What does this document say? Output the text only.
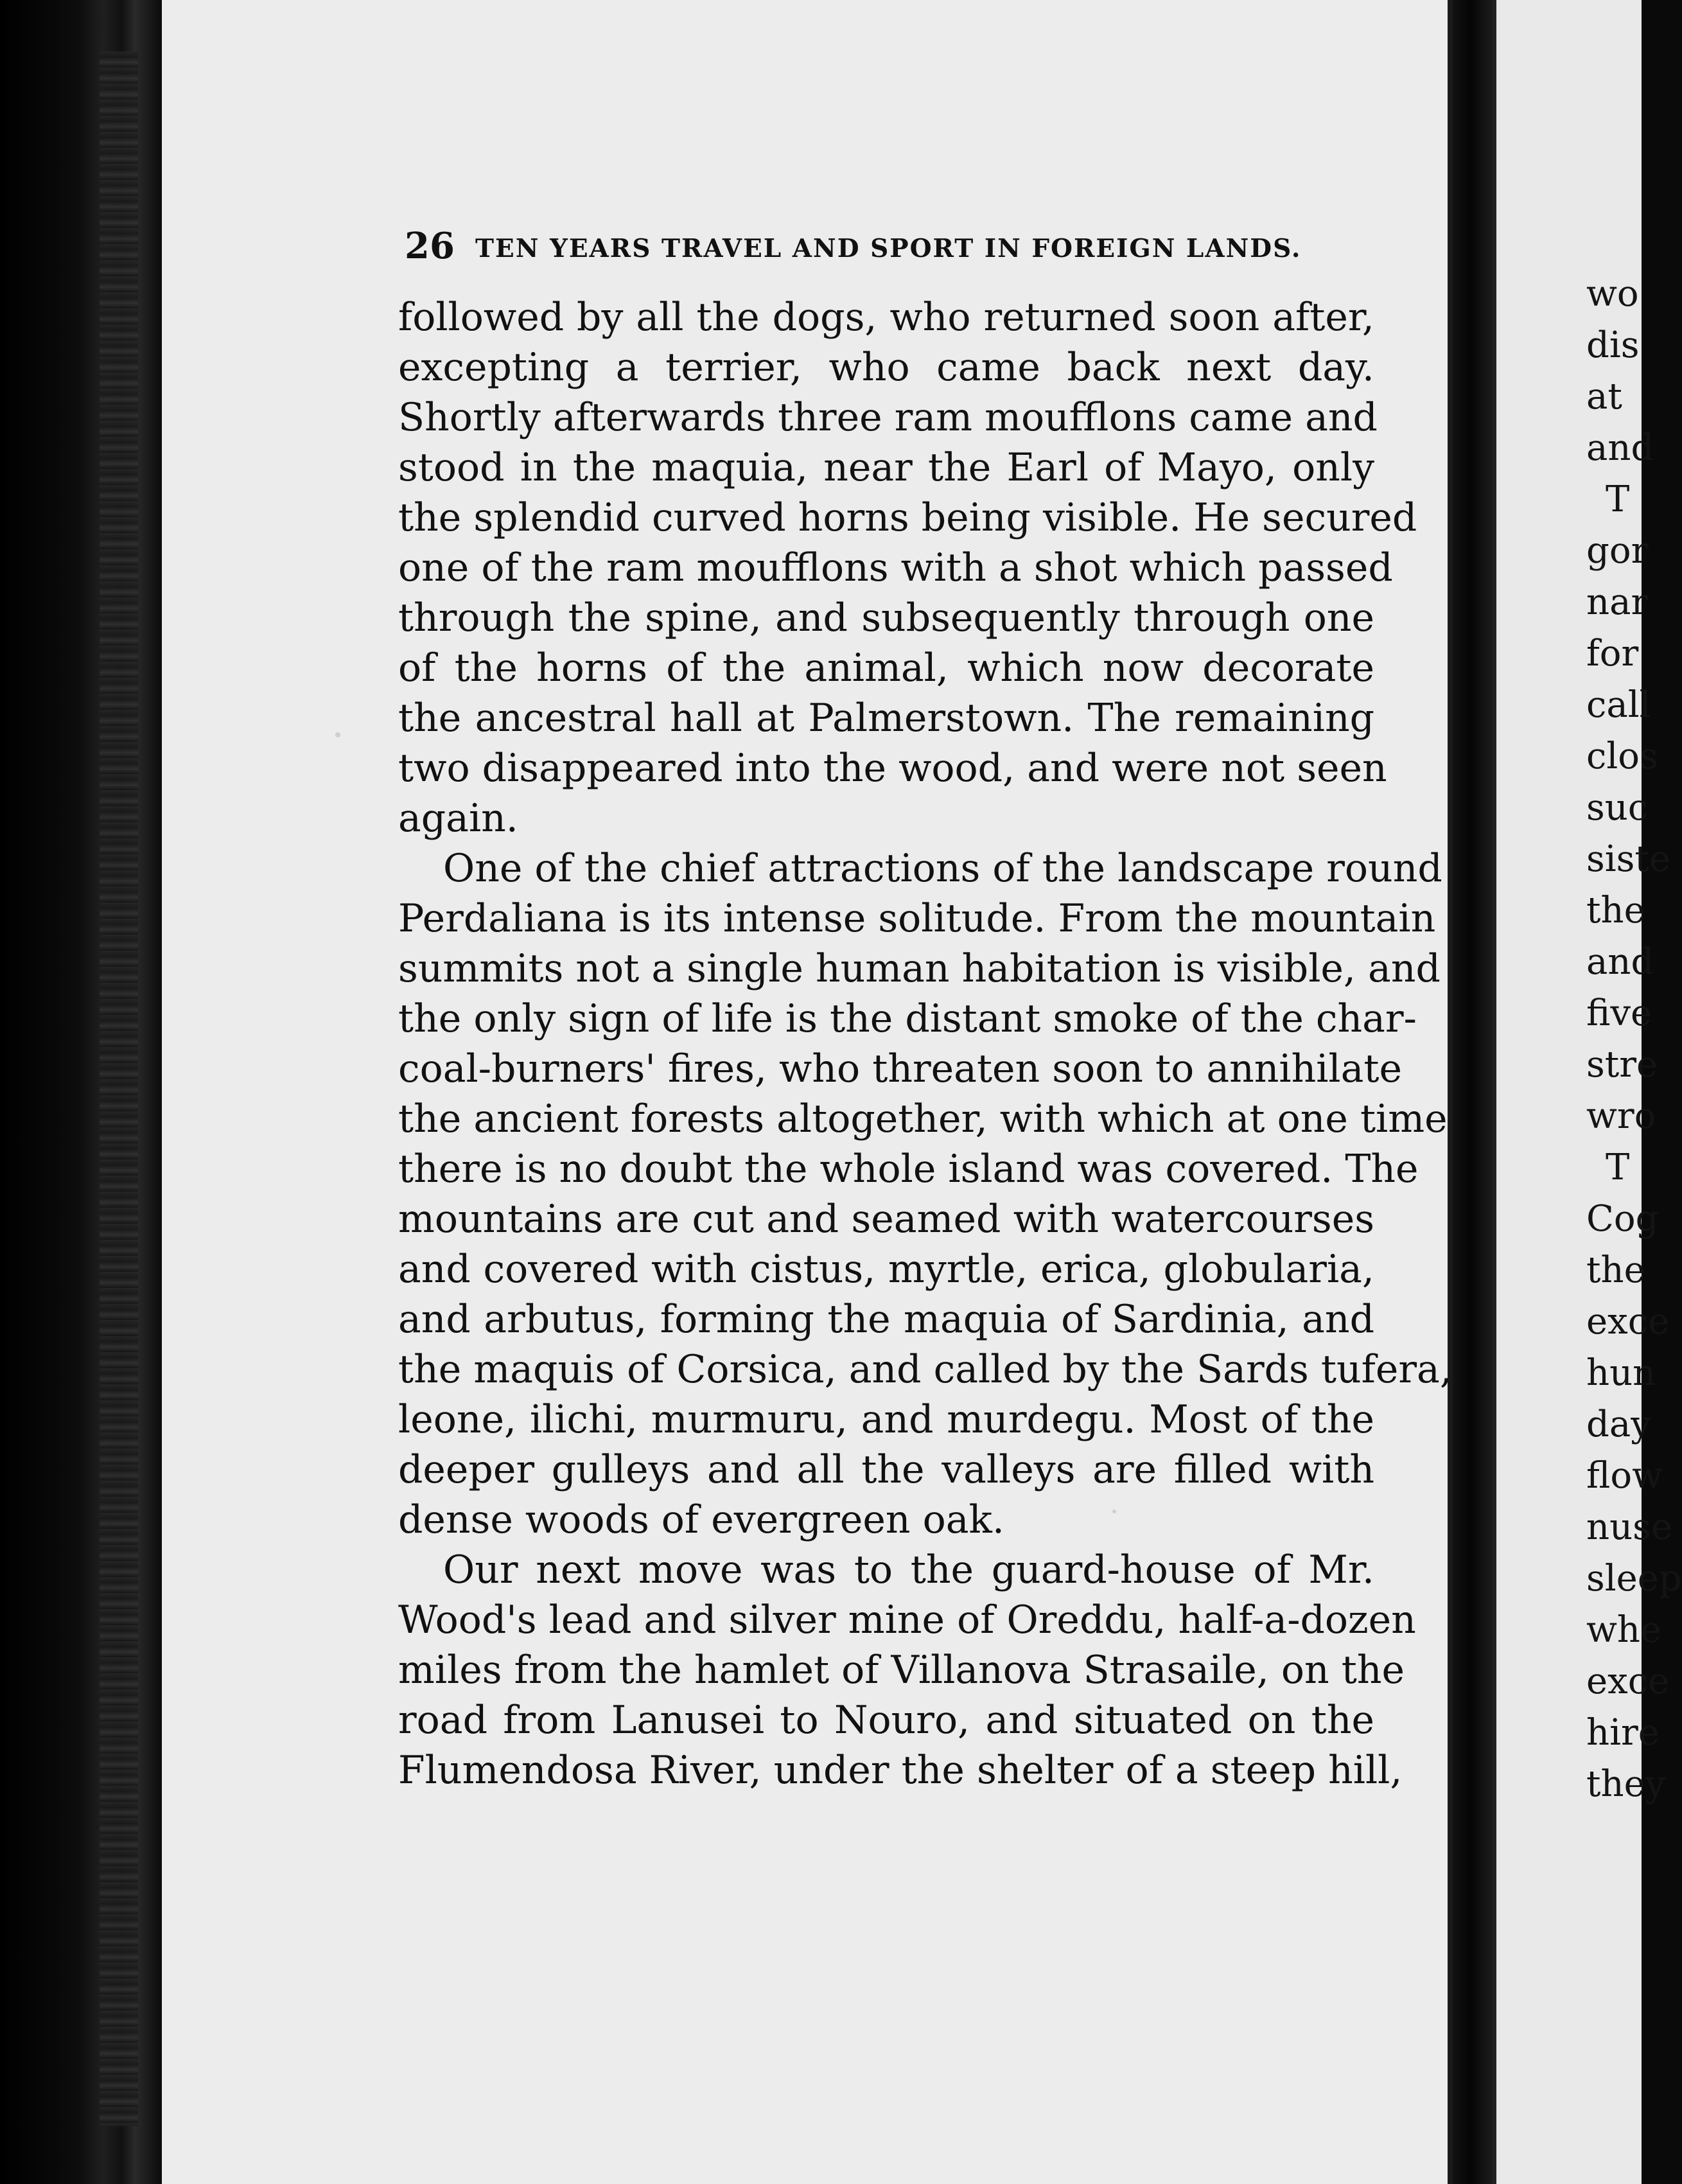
wo
dis
at
and
T
gor
nar
for
call
clos
suc
siste
the
and
five
stre
wro
T
Cog
the
exce
hun
day
flow
nuse
sleep
whe
exce
hire
they
26 TEN YEARS TRAVEL AND SPORT IN FOREIGN LANDS.
followed by all the dogs, who returned soon after,
excepting a terrier, who came back next day.
Shortly afterwards three ram moufflons came and
stood in the maquia, near the Earl of Mayo, only
the splendid curved horns being visible. He secured
one of the ram moufflons with a shot which passed
through the spine, and subsequently through one
of the horns of the animal, which now decorate
the ancestral hall at Palmerstown. The remaining
two disappeared into the wood, and were not seen
again.
One of the chief attractions of the landscape round
Perdaliana is its intense solitude. From the mountain
summits not a single human habitation is visible, and
the only sign of life is the distant smoke of the char-
coal-burners' fires, who threaten soon to annihilate
the ancient forests altogether, with which at one time
there is no doubt the whole island was covered. The
mountains are cut and seamed with watercourses
and covered with cistus, myrtle, erica, globularia,
and arbutus, forming the maquia of Sardinia, and
the maquis of Corsica, and called by the Sards tufera,
leone, ilichi, murmuru, and murdegu. Most of the
deeper gulleys and all the valleys are filled with
dense woods of evergreen oak.
Our next move was to the guard-house of Mr.
Wood's lead and silver mine of Oreddu, half-a-dozen
miles from the hamlet of Villanova Strasaile, on the
road from Lanusei to Nouro, and situated on the
Flumendosa River, under the shelter of a steep hill,
